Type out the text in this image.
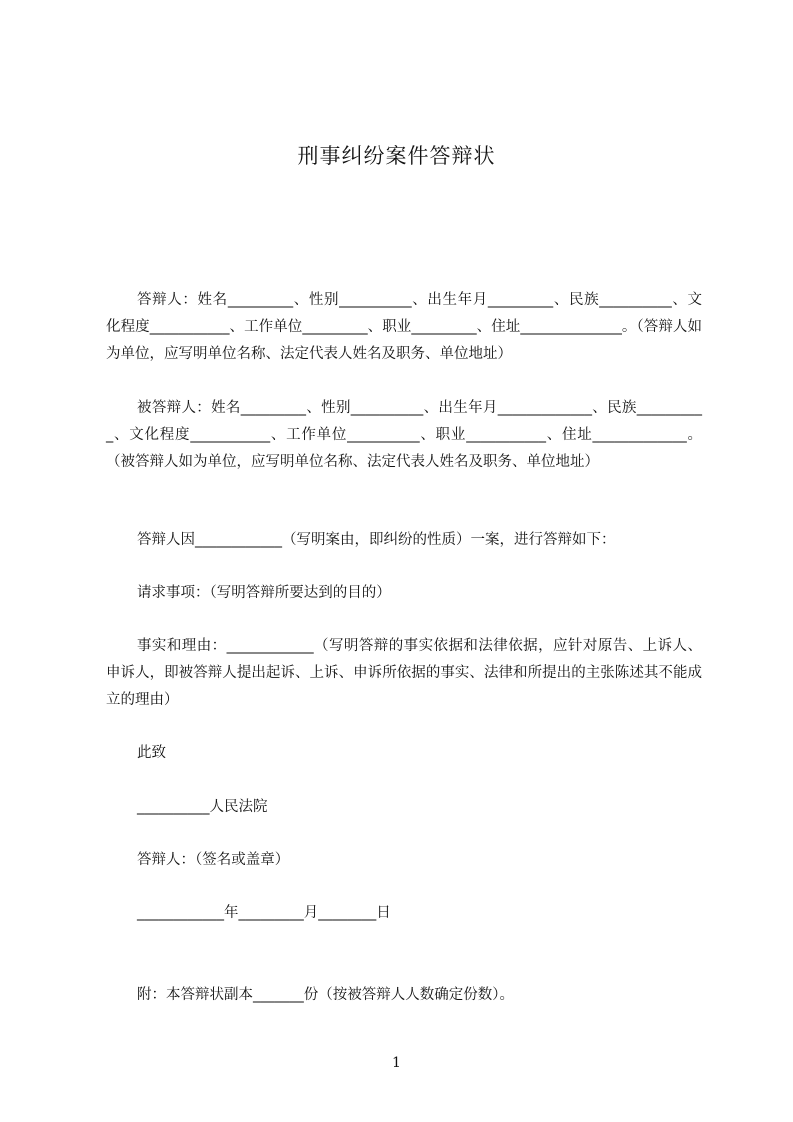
刑事纠纷案件答辩状
答辩人：姓名_________、性别__________、出生年月_________、民族__________、文化程度___________、工作单位_________、职业_________、住址______________。（答辩人如为单位，应写明单位名称、法定代表人姓名及职务、单位地址）
被答辩人：姓名_________、性别__________、出生年月_____________、民族__________、文化程度___________、工作单位__________、职业___________、住址_____________。（被答辩人如为单位，应写明单位名称、法定代表人姓名及职务、单位地址）
答辩人因____________（写明案由，即纠纷的性质）一案，进行答辩如下：
请求事项：（写明答辩所要达到的目的）
事实和理由：____________（写明答辩的事实依据和法律依据，应针对原告、上诉人、申诉人，即被答辩人提出起诉、上诉、申诉所依据的事实、法律和所提出的主张陈述其不能成立的理由）
此致
__________人民法院
答辩人：（签名或盖章）
____________年_________月________日
附：本答辩状副本_______份（按被答辩人人数确定份数）。
1
